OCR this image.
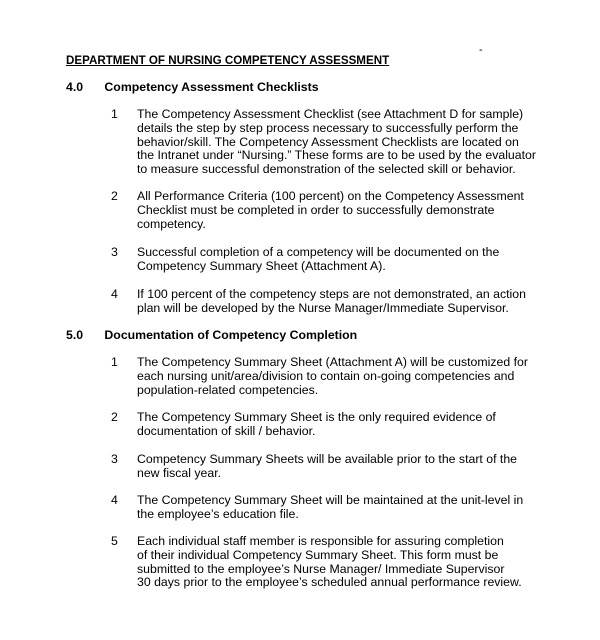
DEPARTMENT OF NURSING COMPETENCY ASSESSMENT
-
4.0 Competency Assessment Checklists
1 The Competency Assessment Checklist (see Attachment D for sample)
details the step by step process necessary to successfully perform the
behavior/skill. The Competency Assessment Checklists are located on
the Intranet under “Nursing.” These forms are to be used by the evaluator
to measure successful demonstration of the selected skill or behavior.
2 All Performance Criteria (100 percent) on the Competency Assessment
Checklist must be completed in order to successfully demonstrate
competency.
3 Successful completion of a competency will be documented on the
Competency Summary Sheet (Attachment A).
4 If 100 percent of the competency steps are not demonstrated, an action
plan will be developed by the Nurse Manager/Immediate Supervisor.
5.0 Documentation of Competency Completion
1 The Competency Summary Sheet (Attachment A) will be customized for
each nursing unit/area/division to contain on-going competencies and
population-related competencies.
2 The Competency Summary Sheet is the only required evidence of
documentation of skill / behavior.
3 Competency Summary Sheets will be available prior to the start of the
new fiscal year.
4 The Competency Summary Sheet will be maintained at the unit-level in
the employee’s education file.
5 Each individual staff member is responsible for assuring completion
of their individual Competency Summary Sheet. This form must be
submitted to the employee’s Nurse Manager/ Immediate Supervisor
30 days prior to the employee’s scheduled annual performance review.
